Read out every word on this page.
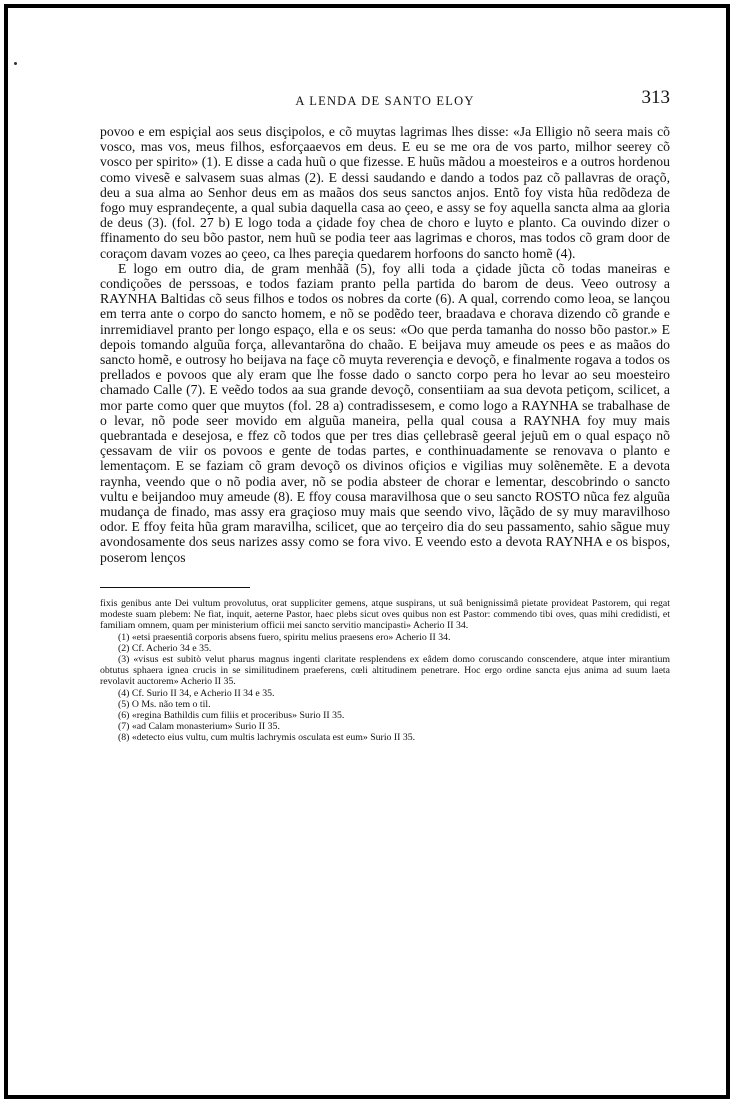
A LENDA DE SANTO ELOY	313

povoo e em espiçial aos seus disçipolos, e cõ muytas lagrimas lhes disse: «Ja Elligio nõ seera mais cõ vosco, mas vos, meus filhos, esforçaaevos em deus. E eu se me ora de vos parto, milhor seerey cõ vosco per spirito» (1). E disse a cada huũ o que fizesse. E huũs mãdou a moesteiros e a outros hordenou como vivesẽ e salvasem suas almas (2). E dessi saudando e dando a todos paz cõ pallavras de oraçõ, deu a sua alma ao Senhor deus em as maãos dos seus sanctos anjos. Entõ foy vista hũa redõdeza de fogo muy esprandeçente, a qual subia daquella casa ao çeeo, e assy se foy aquella sancta alma aa gloria de deus (3). (fol. 27 b) E logo toda a çidade foy chea de choro e luyto e planto. Ca ouvindo dizer o ffinamento do seu bõo pastor, nem huũ se podia teer aas lagrimas e choros, mas todos cõ gram door de coraçom davam vozes ao çeeo, ca lhes pareçia quedarem horfoons do sancto homẽ (4).

E logo em outro dia, de gram menhãã (5), foy alli toda a çidade jũcta cõ todas maneiras e condiçoões de perssoas, e todos faziam pranto pella partida do barom de deus. Veeo outrosy a RAYNHA Baltidas cõ seus filhos e todos os nobres da corte (6). A qual, correndo como leoa, se lançou em terra ante o corpo do sancto homem, e nõ se podẽdo teer, braadava e chorava dizendo cõ grande e inrremidiavel pranto per longo espaço, ella e os seus: «Oo que perda tamanha do nosso bõo pastor.» E depois tomando alguũa força, allevantarõna do chaão. E beijava muy ameude os pees e as maãos do sancto homẽ, e outrosy ho beijava na façe cõ muyta reverençia e devoçõ, e finalmente rogava a todos os prellados e povoos que aly eram que lhe fosse dado o sancto corpo pera ho levar ao seu moesteiro chamado Calle (7). E veẽdo todos aa sua grande devoçõ, consentiiam aa sua devota petiçom, scilicet, a mor parte como quer que muytos (fol. 28 a) contradissesem, e como logo a RAYNHA se trabalhase de o levar, nõ pode seer movido em alguũa maneira, pella qual cousa a RAYNHA foy muy mais quebrantada e desejosa, e ffez cõ todos que per tres dias çellebrasẽ geeral jejuũ em o qual espaço nõ çessavam de viir os povoos e gente de todas partes, e conthinuadamente se renovava o planto e lementaçom. E se faziam cõ gram devoçõ os divinos ofiçios e vigilias muy solẽnemẽte. E a devota raynha, veendo que o nõ podia aver, nõ se podia absteer de chorar e lementar, descobrindo o sancto vultu e beijandoo muy ameude (8). E ffoy cousa maravilhosa que o seu sancto ROSTO nũca fez alguũa mudança de finado, mas assy era graçioso muy mais que seendo vivo, lãçãdo de sy muy maravilhoso odor. E ffoy feita hũa gram maravilha, scilicet, que ao terçeiro dia do seu passamento, sahio sãgue muy avondosamente dos seus narizes assy como se fora vivo. E veendo esto a devota RAYNHA e os bispos, poserom lenços

fixis genibus ante Dei vultum provolutus, orat suppliciter gemens, atque suspirans, ut suâ benignissimâ pietate provideat Pastorem, qui regat modeste suam plebem: Ne fiat, inquit, aeterne Pastor, haec plebs sicut oves quibus non est Pastor: commendo tibi oves, quas mihi credidisti, et familiam omnem, quam per ministerium officii mei sancto servitio mancipasti» Acherio II 34.

(1) «etsi praesentiâ corporis absens fuero, spiritu melius praesens ero» Acherio II 34.

(2) Cf. Acherio 34 e 35.

(3) «visus est subitò velut pharus magnus ingenti claritate resplendens ex eâdem domo coruscando conscendere, atque inter mirantium obtutus sphaera ignea crucis in se similitudinem praeferens, cœli altitudinem penetrare. Hoc ergo ordine sancta ejus anima ad suum laeta revolavit auctorem» Acherio II 35.

(4) Cf. Surio II 34, e Acherio II 34 e 35.

(5) O Ms. não tem o til.

(6) «regina Bathildis cum filiis et proceribus» Surio II 35.

(7) «ad Calam monasterium» Surio II 35.

(8) «detecto eius vultu, cum multis lachrymis osculata est eum» Surio II 35.
